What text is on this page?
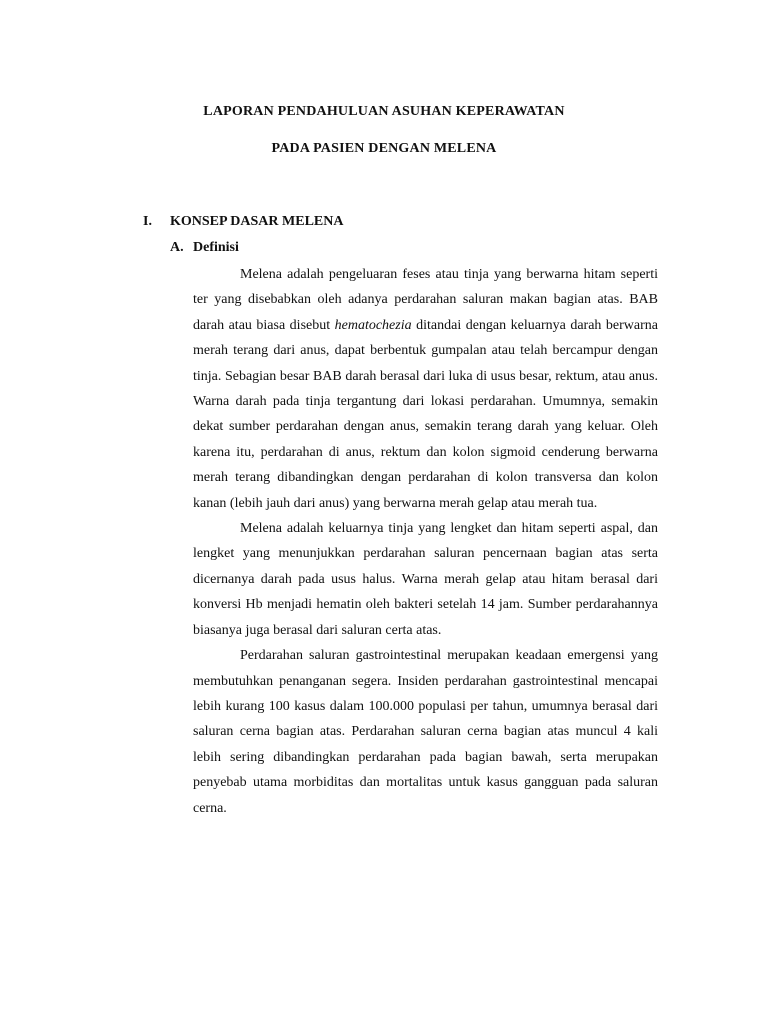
LAPORAN PENDAHULUAN ASUHAN KEPERAWATAN
PADA PASIEN DENGAN MELENA
I. KONSEP DASAR MELENA
A. Definisi

Melena adalah pengeluaran feses atau tinja yang berwarna hitam seperti ter yang disebabkan oleh adanya perdarahan saluran makan bagian atas. BAB darah atau biasa disebut hematochezia ditandai dengan keluarnya darah berwarna merah terang dari anus, dapat berbentuk gumpalan atau telah bercampur dengan tinja. Sebagian besar BAB darah berasal dari luka di usus besar, rektum, atau anus. Warna darah pada tinja tergantung dari lokasi perdarahan. Umumnya, semakin dekat sumber perdarahan dengan anus, semakin terang darah yang keluar. Oleh karena itu, perdarahan di anus, rektum dan kolon sigmoid cenderung berwarna merah terang dibandingkan dengan perdarahan di kolon transversa dan kolon kanan (lebih jauh dari anus) yang berwarna merah gelap atau merah tua.

Melena adalah keluarnya tinja yang lengket dan hitam seperti aspal, dan lengket yang menunjukkan perdarahan saluran pencernaan bagian atas serta dicernanya darah pada usus halus. Warna merah gelap atau hitam berasal dari konversi Hb menjadi hematin oleh bakteri setelah 14 jam. Sumber perdarahannya biasanya juga berasal dari saluran certa atas.

Perdarahan saluran gastrointestinal merupakan keadaan emergensi yang membutuhkan penanganan segera. Insiden perdarahan gastrointestinal mencapai lebih kurang 100 kasus dalam 100.000 populasi per tahun, umumnya berasal dari saluran cerna bagian atas. Perdarahan saluran cerna bagian atas muncul 4 kali lebih sering dibandingkan perdarahan pada bagian bawah, serta merupakan penyebab utama morbiditas dan mortalitas untuk kasus gangguan pada saluran cerna.
